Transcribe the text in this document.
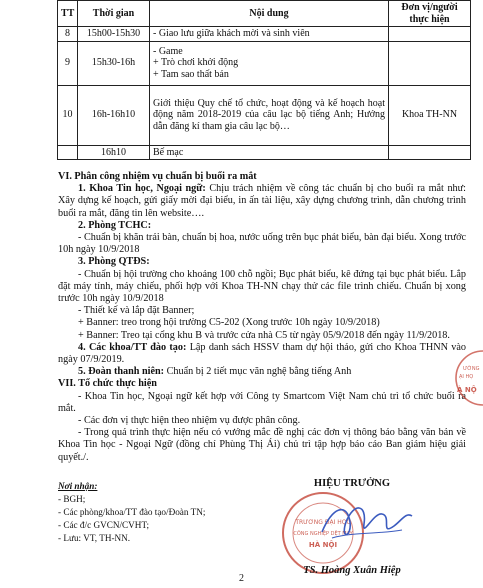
TT	Thời gian	Nội dung	Đơn vị/người thực hiện
8	15h00-15h30	- Giao lưu giữa khách mời và sinh viên	
9	15h30-16h	- Game
+ Trò chơi khởi động
+ Tam sao thất bản	
10	16h-16h10	Giới thiệu Quy chế tổ chức, hoạt động và kế hoạch hoạt động năm 2018-2019 của câu lạc bộ tiếng Anh; Hướng dẫn đăng kí tham gia câu lạc bộ…	Khoa TH-NN
	16h10	Bế mạc	

VI. Phân công nhiệm vụ chuẩn bị buổi ra mắt

1. Khoa Tin học, Ngoại ngữ: Chịu trách nhiệm về công tác chuẩn bị cho buổi ra mắt như: Xây dựng kế hoạch, gửi giấy mời đại biểu, in ấn tài liệu, xây dựng chương trình, dẫn chương trình buổi ra mắt, đăng tin lên website….

2. Phòng TCHC:

- Chuẩn bị khăn trải bàn, chuẩn bị hoa, nước uống trên bục phát biểu, bàn đại biểu. Xong trước 10h ngày 10/9/2018

3. Phòng QTĐS:

- Chuẩn bị hội trường cho khoảng 100 chỗ ngồi; Bục phát biểu, kê đứng tại bục phát biểu. Lắp đặt máy tính, máy chiếu, phối hợp với Khoa TH-NN chạy thử các file trình chiếu. Chuẩn bị xong trước 10h ngày 10/9/2018

- Thiết kế và lắp đặt Banner;

+ Banner: treo trong hội trường C5-202 (Xong trước 10h ngày 10/9/2018)

+ Banner: Treo tại cổng khu B và trước cửa nhà C5 từ ngày 05/9/2018 đến ngày 11/9/2018.

4. Các khoa/TT đào tạo: Lập danh sách HSSV tham dự hội thảo, gửi cho Khoa THNN vào ngày 07/9/2019.

5. Đoàn thanh niên: Chuẩn bị 2 tiết mục văn nghệ bằng tiếng Anh

VII. Tổ chức thực hiện

- Khoa Tin học, Ngoại ngữ kết hợp với Công ty Smartcom Việt Nam chủ trì tổ chức buổi ra mắt.

- Các đơn vị thực hiện theo nhiệm vụ được phân công.

- Trong quá trình thực hiện nếu có vướng mắc đề nghị các đơn vị thông báo bằng văn bản về Khoa Tin học - Ngoại Ngữ (đồng chí Phùng Thị Ái) chủ trì tập hợp báo cáo Ban giám hiệu giải quyết./.

Nơi nhận:
- BGH;
- Các phòng/khoa/TT đào tạo/Đoàn TN;
- Các đ/c GVCN/CVHT;
- Lưu: VT, TH-NN.
TRƯỜNG ĐẠI HỌC
CÔNG NGHIỆP DỆT MAY
HÀ NỘI
ƯỜNG
ẠI HỌ
À NỘ
HIỆU TRƯỞNG
TS. Hoàng Xuân Hiệp
2
